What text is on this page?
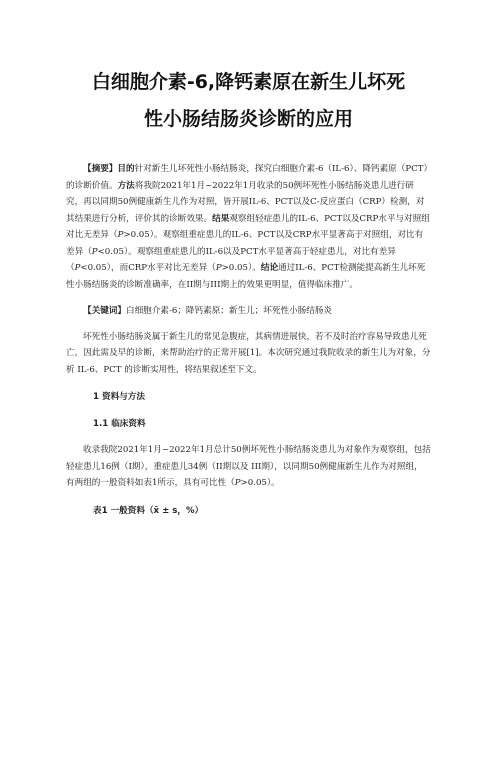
白细胞介素-6,降钙素原在新生儿坏死
性小肠结肠炎诊断的应用

【摘要】目的针对新生儿坏死性小肠结肠炎，探究白细胞介素-6（IL-6）、降钙素原（PCT）的诊断价值。方法将我院2021年1月~2022年1月收录的50例坏死性小肠结肠炎患儿进行研究，再以同期50例健康新生儿作为对照，皆开展IL-6、PCT以及C-反应蛋白（CRP）检测，对其结果进行分析，评价其的诊断效果。结果观察组轻症患儿的IL-6、PCT以及CRP水平与对照组对比无差异（P>0.05）。观察组重症患儿的IL-6、PCT以及CRP水平显著高于对照组，对比有差异（P<0.05）。观察组重症患儿的IL-6以及PCT水平显著高于轻症患儿，对比有差异（P<0.05），而CRP水平对比无差异（P>0.05）。结论通过IL-6、PCT检测能提高新生儿坏死性小肠结肠炎的诊断准确率，在II期与III期上的效果更明显，值得临床推广。

【关键词】白细胞介素-6；降钙素原；新生儿；坏死性小肠结肠炎

坏死性小肠结肠炎属于新生儿的常见急腹症，其病情进展快，若不及时治疗容易导致患儿死亡，因此需及早的诊断，来帮助治疗的正常开展[1]。本次研究通过我院收录的新生儿为对象，分析 IL-6、PCT 的诊断实用性，将结果叙述至下文。

1 资料与方法
1.1 临床资料

收录我院2021年1月~2022年1月总计50例坏死性小肠结肠炎患儿为对象作为观察组，包括轻症患儿16例（I期），重症患儿34例（II期以及 III期），以同期50例健康新生儿作为对照组，有两组的一般资料如表1所示，具有可比性（P>0.05）。

表1 一般资料（x̄ ± s，%）
